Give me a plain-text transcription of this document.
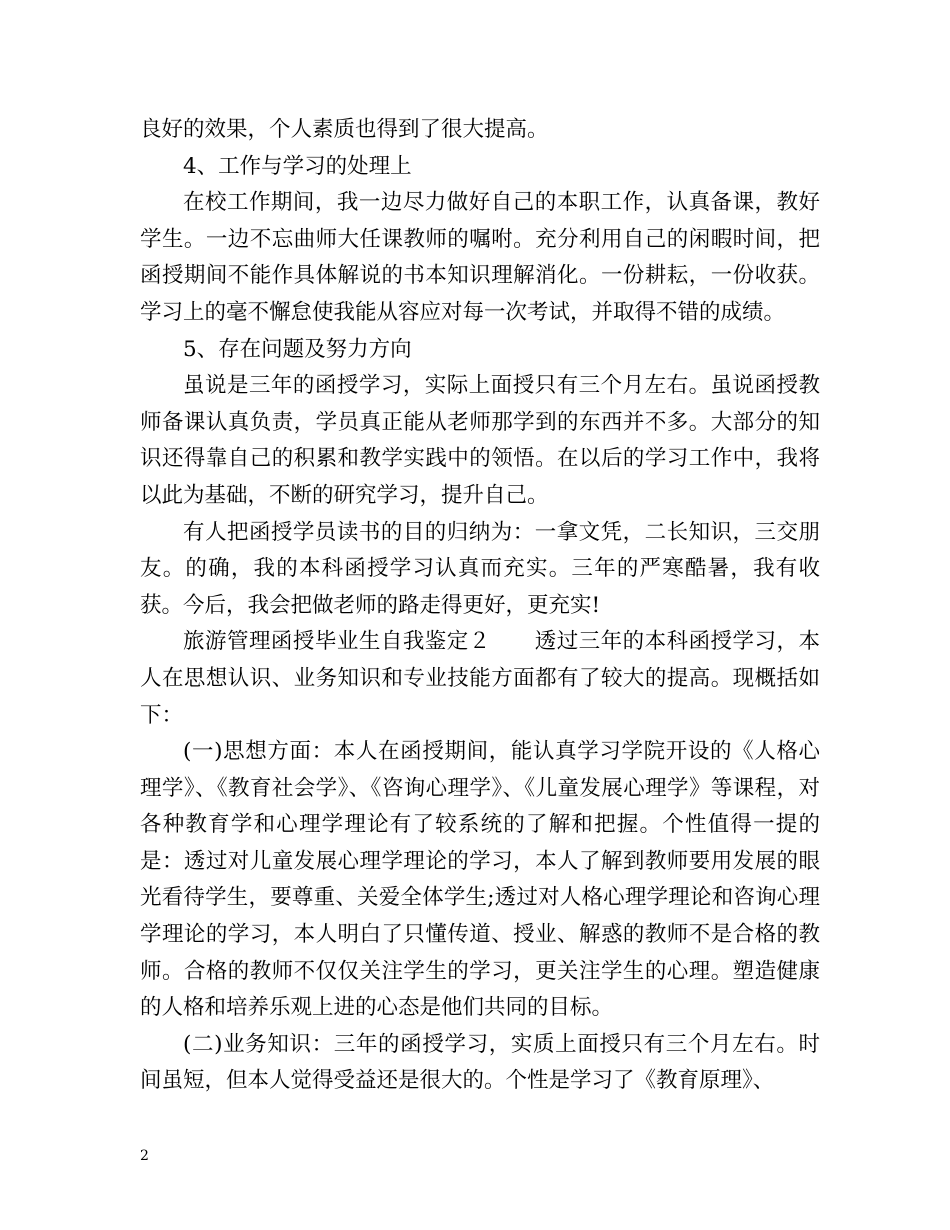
良好的效果，个人素质也得到了很大提高。

4、工作与学习的处理上

在校工作期间，我一边尽力做好自己的本职工作，认真备课，教好学生。一边不忘曲师大任课教师的嘱咐。充分利用自己的闲暇时间，把函授期间不能作具体解说的书本知识理解消化。一份耕耘，一份收获。学习上的毫不懈怠使我能从容应对每一次考试，并取得不错的成绩。

5、存在问题及努力方向

虽说是三年的函授学习，实际上面授只有三个月左右。虽说函授教师备课认真负责，学员真正能从老师那学到的东西并不多。大部分的知识还得靠自己的积累和教学实践中的领悟。在以后的学习工作中，我将以此为基础，不断的研究学习，提升自己。

有人把函授学员读书的目的归纳为：一拿文凭，二长知识，三交朋友。的确，我的本科函授学习认真而充实。三年的严寒酷暑，我有收获。今后，我会把做老师的路走得更好，更充实!

旅游管理函授毕业生自我鉴定２　　透过三年的本科函授学习，本人在思想认识、业务知识和专业技能方面都有了较大的提高。现概括如下：

(一)思想方面：本人在函授期间，能认真学习学院开设的《人格心理学》、《教育社会学》、《咨询心理学》、《儿童发展心理学》等课程，对各种教育学和心理学理论有了较系统的了解和把握。个性值得一提的是：透过对儿童发展心理学理论的学习，本人了解到教师要用发展的眼光看待学生，要尊重、关爱全体学生;透过对人格心理学理论和咨询心理学理论的学习，本人明白了只懂传道、授业、解惑的教师不是合格的教师。合格的教师不仅仅关注学生的学习，更关注学生的心理。塑造健康的人格和培养乐观上进的心态是他们共同的目标。

(二)业务知识：三年的函授学习，实质上面授只有三个月左右。时间虽短，但本人觉得受益还是很大的。个性是学习了《教育原理》、

2
